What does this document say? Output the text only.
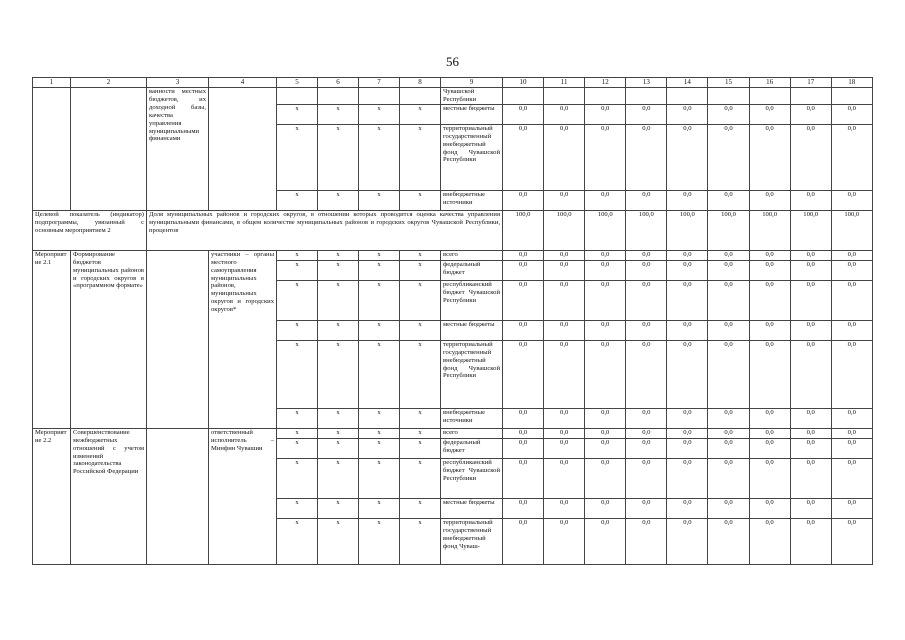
56
1	2	3	4	5	6	7	8	9	10	11	12	13	14	15	16	17	18
		ванности местных бюджетов, их доходной базы, качества управления муниципальными финансами						Чувашской Республики									
				x	x	x	x	местные бюджеты	0,0	0,0	0,0	0,0	0,0	0,0	0,0	0,0	0,0
				x	x	x	x	территориальный государственный внебюджетный фонд Чувашской Республики	0,0	0,0	0,0	0,0	0,0	0,0	0,0	0,0	0,0
				x	x	x	x	внебюджетные источники	0,0	0,0	0,0	0,0	0,0	0,0	0,0	0,0	0,0
Целевой показатель (индикатор) подпрограммы, увязанный с основным мероприятием 2		Доля муниципальных районов и городских округов, в отношении которых проводится оценка качества управления муниципальными финансами, в общем количестве муниципальных районов и городских округов Чувашской Республики, процентов							100,0	100,0	100,0	100,0	100,0	100,0	100,0	100,0	100,0
Мероприятие 2.1	Формирование бюджетов муниципальных районов и городских округов в «программном формате»		участники – органы местного самоуправления муниципальных районов, муниципальных округов и городских округов*	x	x	x	x	всего	0,0	0,0	0,0	0,0	0,0	0,0	0,0	0,0	0,0
				x	x	x	x	федеральный бюджет	0,0	0,0	0,0	0,0	0,0	0,0	0,0	0,0	0,0
				x	x	x	x	республиканский бюджет Чувашской Республики	0,0	0,0	0,0	0,0	0,0	0,0	0,0	0,0	0,0
				x	x	x	x	местные бюджеты	0,0	0,0	0,0	0,0	0,0	0,0	0,0	0,0	0,0
				x	x	x	x	территориальный государственный внебюджетный фонд Чувашской Республики	0,0	0,0	0,0	0,0	0,0	0,0	0,0	0,0	0,0
				x	x	x	x	внебюджетные источники	0,0	0,0	0,0	0,0	0,0	0,0	0,0	0,0	0,0
Мероприятие 2.2	Совершенствование межбюджетных отношений с учетом изменений законодательства Российской Федерации		ответственный исполнитель – Минфин Чувашии	x	x	x	x	всего	0,0	0,0	0,0	0,0	0,0	0,0	0,0	0,0	0,0
				x	x	x	x	федеральный бюджет	0,0	0,0	0,0	0,0	0,0	0,0	0,0	0,0	0,0
				x	x	x	x	республиканский бюджет Чувашской Республики	0,0	0,0	0,0	0,0	0,0	0,0	0,0	0,0	0,0
				x	x	x	x	местные бюджеты	0,0	0,0	0,0	0,0	0,0	0,0	0,0	0,0	0,0
				x	x	x	x	территориальный государственный внебюджетный фонд Чуваш-	0,0	0,0	0,0	0,0	0,0	0,0	0,0	0,0	0,0
